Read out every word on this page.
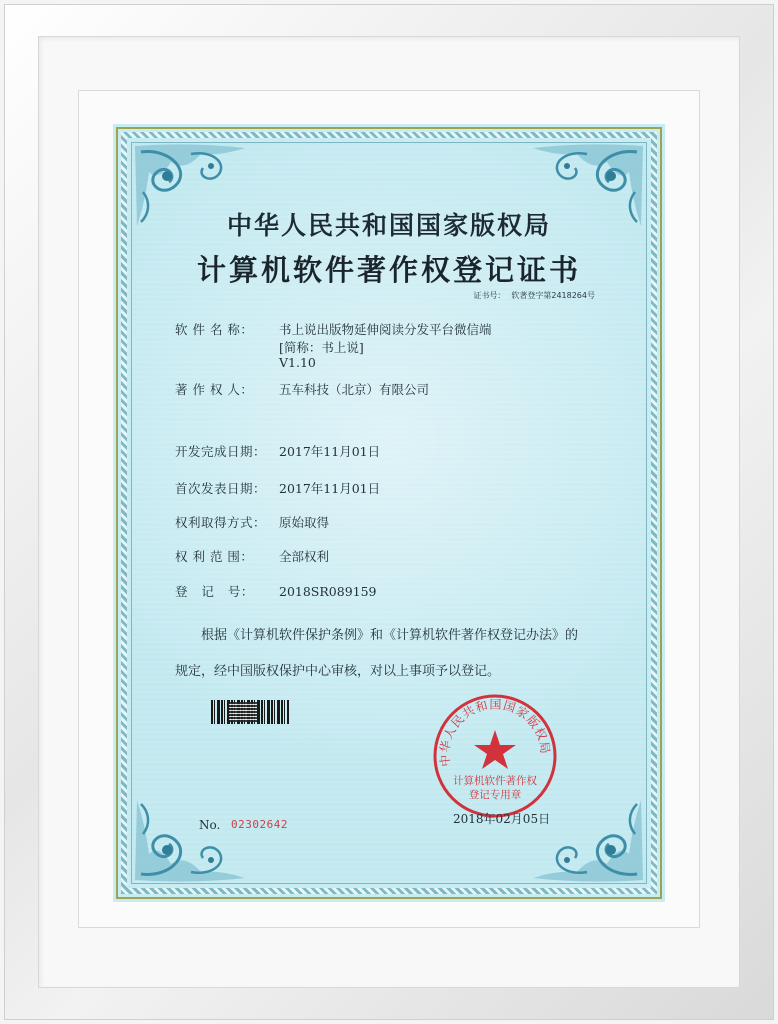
中华人民共和国国家版权局
计算机软件著作权登记证书
证书号： 软著登字第2418264号
软 件 名 称： 书上说出版物延伸阅读分发平台微信端
[简称：书上说]
V1.10
著 作 权 人： 五车科技（北京）有限公司
开发完成日期： 2017年11月01日
首次发表日期： 2017年11月01日
权利取得方式： 原始取得
权 利 范 围： 全部权利
登   记   号： 2018SR089159
根据《计算机软件保护条例》和《计算机软件著作权登记办法》的
规定，经中国版权保护中心审核，对以上事项予以登记。
中华人民共和国国家版权局
计算机软件著作权
登记专用章
No. 02302642	2018年02月05日
